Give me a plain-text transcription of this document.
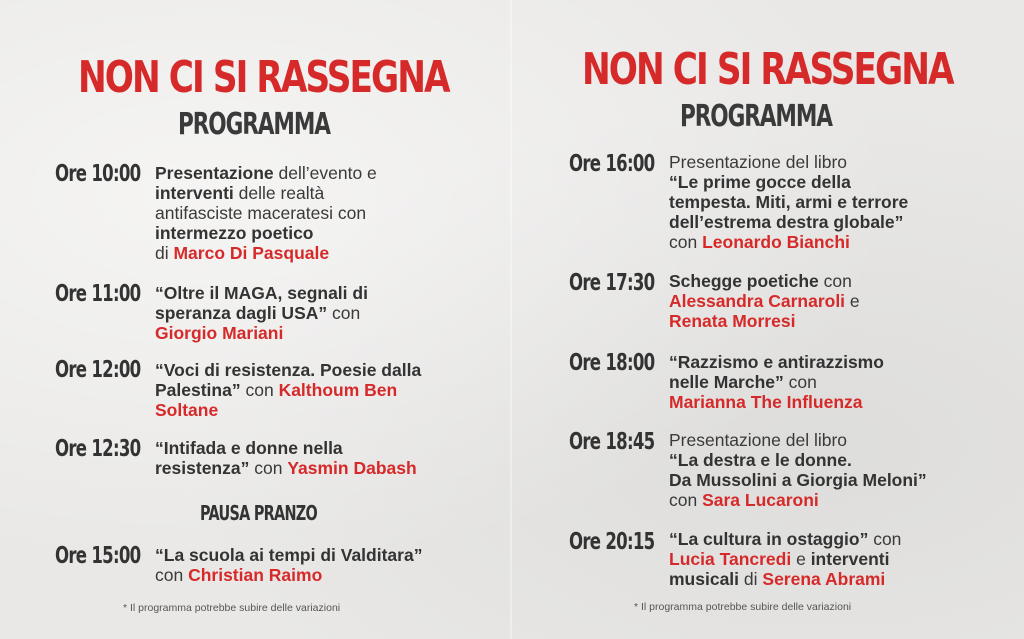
NON CI SI RASSEGNA
PROGRAMMA
Ore 10:00 Presentazione dell’evento e
interventi delle realtà
antifasciste maceratesi con
intermezzo poetico
di Marco Di Pasquale
Ore 11:00 “Oltre il MAGA, segnali di
speranza dagli USA” con
Giorgio Mariani
Ore 12:00 “Voci di resistenza. Poesie dalla
Palestina” con Kalthoum Ben
Soltane
Ore 12:30 “Intifada e donne nella
resistenza” con Yasmin Dabash
PAUSA PRANZO
Ore 15:00 “La scuola ai tempi di Valditara”
con Christian Raimo
* Il programma potrebbe subire delle variazioni
NON CI SI RASSEGNA
PROGRAMMA
Ore 16:00 Presentazione del libro
“Le prime gocce della
tempesta. Miti, armi e terrore
dell’estrema destra globale”
con Leonardo Bianchi
Ore 17:30 Schegge poetiche con
Alessandra Carnaroli e
Renata Morresi
Ore 18:00 “Razzismo e antirazzismo
nelle Marche” con
Marianna The Influenza
Ore 18:45 Presentazione del libro
“La destra e le donne.
Da Mussolini a Giorgia Meloni”
con Sara Lucaroni
Ore 20:15 “La cultura in ostaggio” con
Lucia Tancredi e interventi
musicali di Serena Abrami
* Il programma potrebbe subire delle variazioni
